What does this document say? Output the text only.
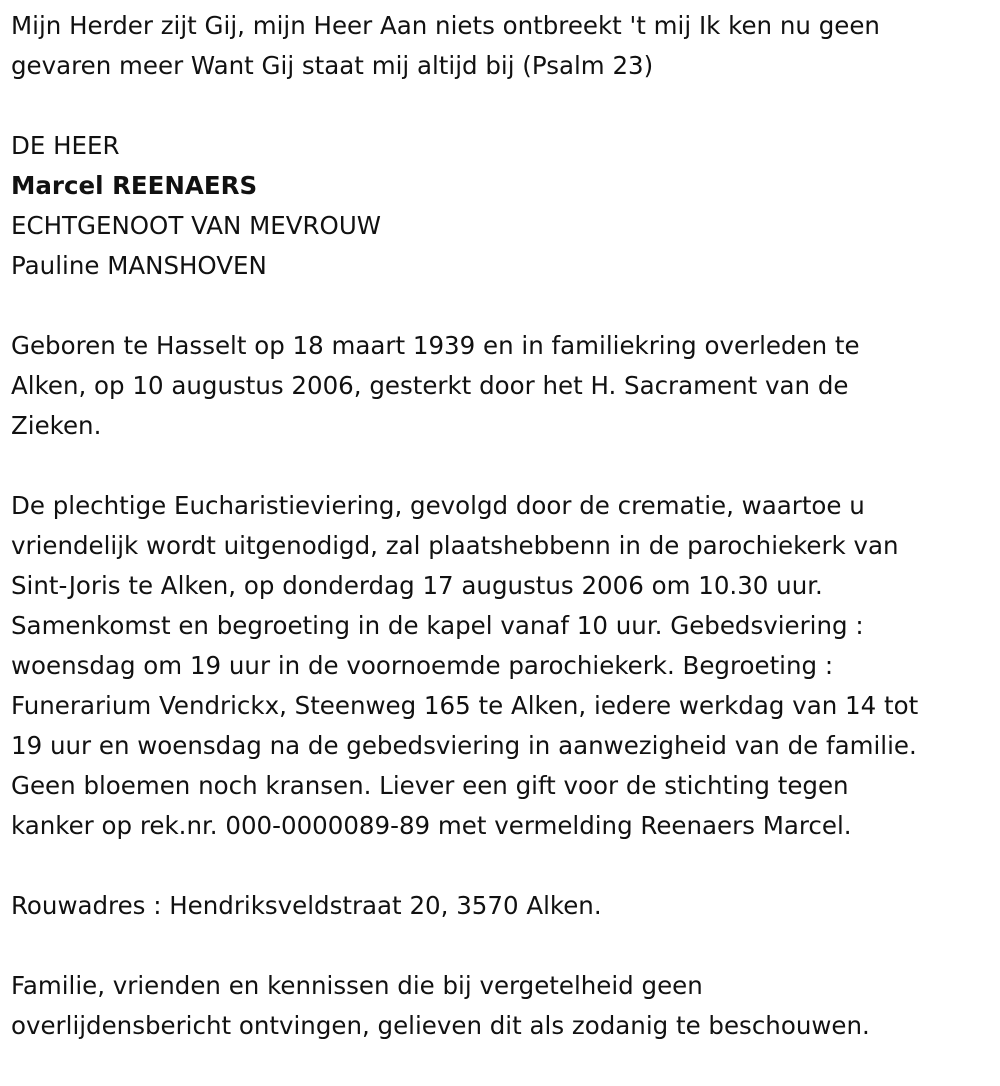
Mijn Herder zijt Gij, mijn Heer Aan niets ontbreekt 't mij Ik ken nu geen

gevaren meer Want Gij staat mij altijd bij (Psalm 23)

DE HEER

Marcel REENAERS

ECHTGENOOT VAN MEVROUW

Pauline MANSHOVEN

Geboren te Hasselt op 18 maart 1939 en in familiekring overleden te

Alken, op 10 augustus 2006, gesterkt door het H. Sacrament van de

Zieken.

De plechtige Eucharistieviering, gevolgd door de crematie, waartoe u

vriendelijk wordt uitgenodigd, zal plaatshebbenn in de parochiekerk van

Sint-Joris te Alken, op donderdag 17 augustus 2006 om 10.30 uur.

Samenkomst en begroeting in de kapel vanaf 10 uur. Gebedsviering :

woensdag om 19 uur in de voornoemde parochiekerk. Begroeting :

Funerarium Vendrickx, Steenweg 165 te Alken, iedere werkdag van 14 tot

19 uur en woensdag na de gebedsviering in aanwezigheid van de familie.

Geen bloemen noch kransen. Liever een gift voor de stichting tegen

kanker op rek.nr. 000-0000089-89 met vermelding Reenaers Marcel.

Rouwadres : Hendriksveldstraat 20, 3570 Alken.

Familie, vrienden en kennissen die bij vergetelheid geen

overlijdensbericht ontvingen, gelieven dit als zodanig te beschouwen.
